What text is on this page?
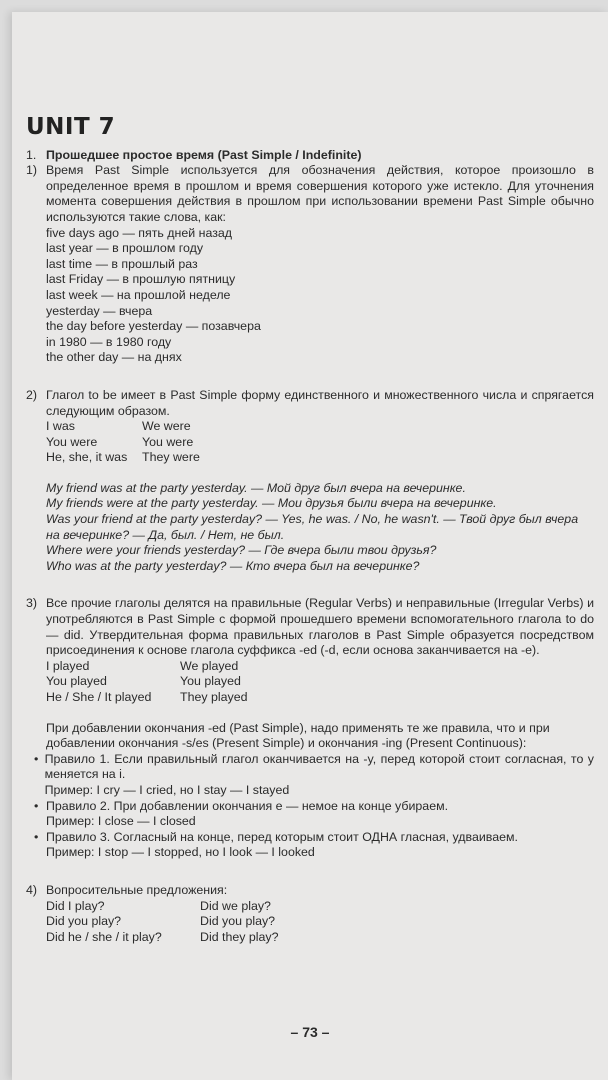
UNIT 7
1. Прошедшее простое время (Past Simple / Indefinite)
1) Время Past Simple используется для обозначения действия, которое произошло в определенное время в прошлом и время совершения которого уже истекло. Для уточнения момента совершения действия в прошлом при использовании времени Past Simple обычно используются такие слова, как:

five days ago — пять дней назад

last year — в прошлом году

last time — в прошлый раз

last Friday — в прошлую пятницу

last week — на прошлой неделе

yesterday — вчера

the day before yesterday — позавчера

in 1980 — в 1980 году

the other day — на днях

2) Глагол to be имеет в Past Simple форму единственного и множественного числа и спрягается следующим образом.

I was	We were
You were	You were
He, she, it was	They were

My friend was at the party yesterday. — Мой друг был вчера на вечеринке.

My friends were at the party yesterday. — Мои друзья были вчера на вечеринке.

Was your friend at the party yesterday? — Yes, he was. / No, he wasn't. — Твой друг был вчера на вечеринке? — Да, был. / Нет, не был.

Where were your friends yesterday? — Где вчера были твои друзья?

Who was at the party yesterday? — Кто вчера был на вечеринке?

3) Все прочие глаголы делятся на правильные (Regular Verbs) и неправильные (Irregular Verbs) и употребляются в Past Simple с формой прошедшего времени вспомогательного глагола to do — did. Утвердительная форма правильных глаголов в Past Simple образуется посредством присоединения к основе глагола суффикса -ed (-d, если основа заканчивается на -e).

I played	We played
You played	You played
He / She / It played	They played

При добавлении окончания -ed (Past Simple), надо применять те же правила, что и при добавлении окончания -s/es (Present Simple) и окончания -ing (Present Continuous):

• Правило 1. Если правильный глагол оканчивается на -y, перед которой стоит согласная, то у меняется на i.

Пример: I cry — I cried, но I stay — I stayed

• Правило 2. При добавлении окончания e — немое на конце убираем.

Пример: I close — I closed

• Правило 3. Согласный на конце, перед которым стоит ОДНА гласная, удваиваем.

Пример: I stop — I stopped, но I look — I looked

4) Вопросительные предложения:

Did I play?	Did we play?
Did you play?	Did you play?
Did he / she / it play?	Did they play?
– 73 –
